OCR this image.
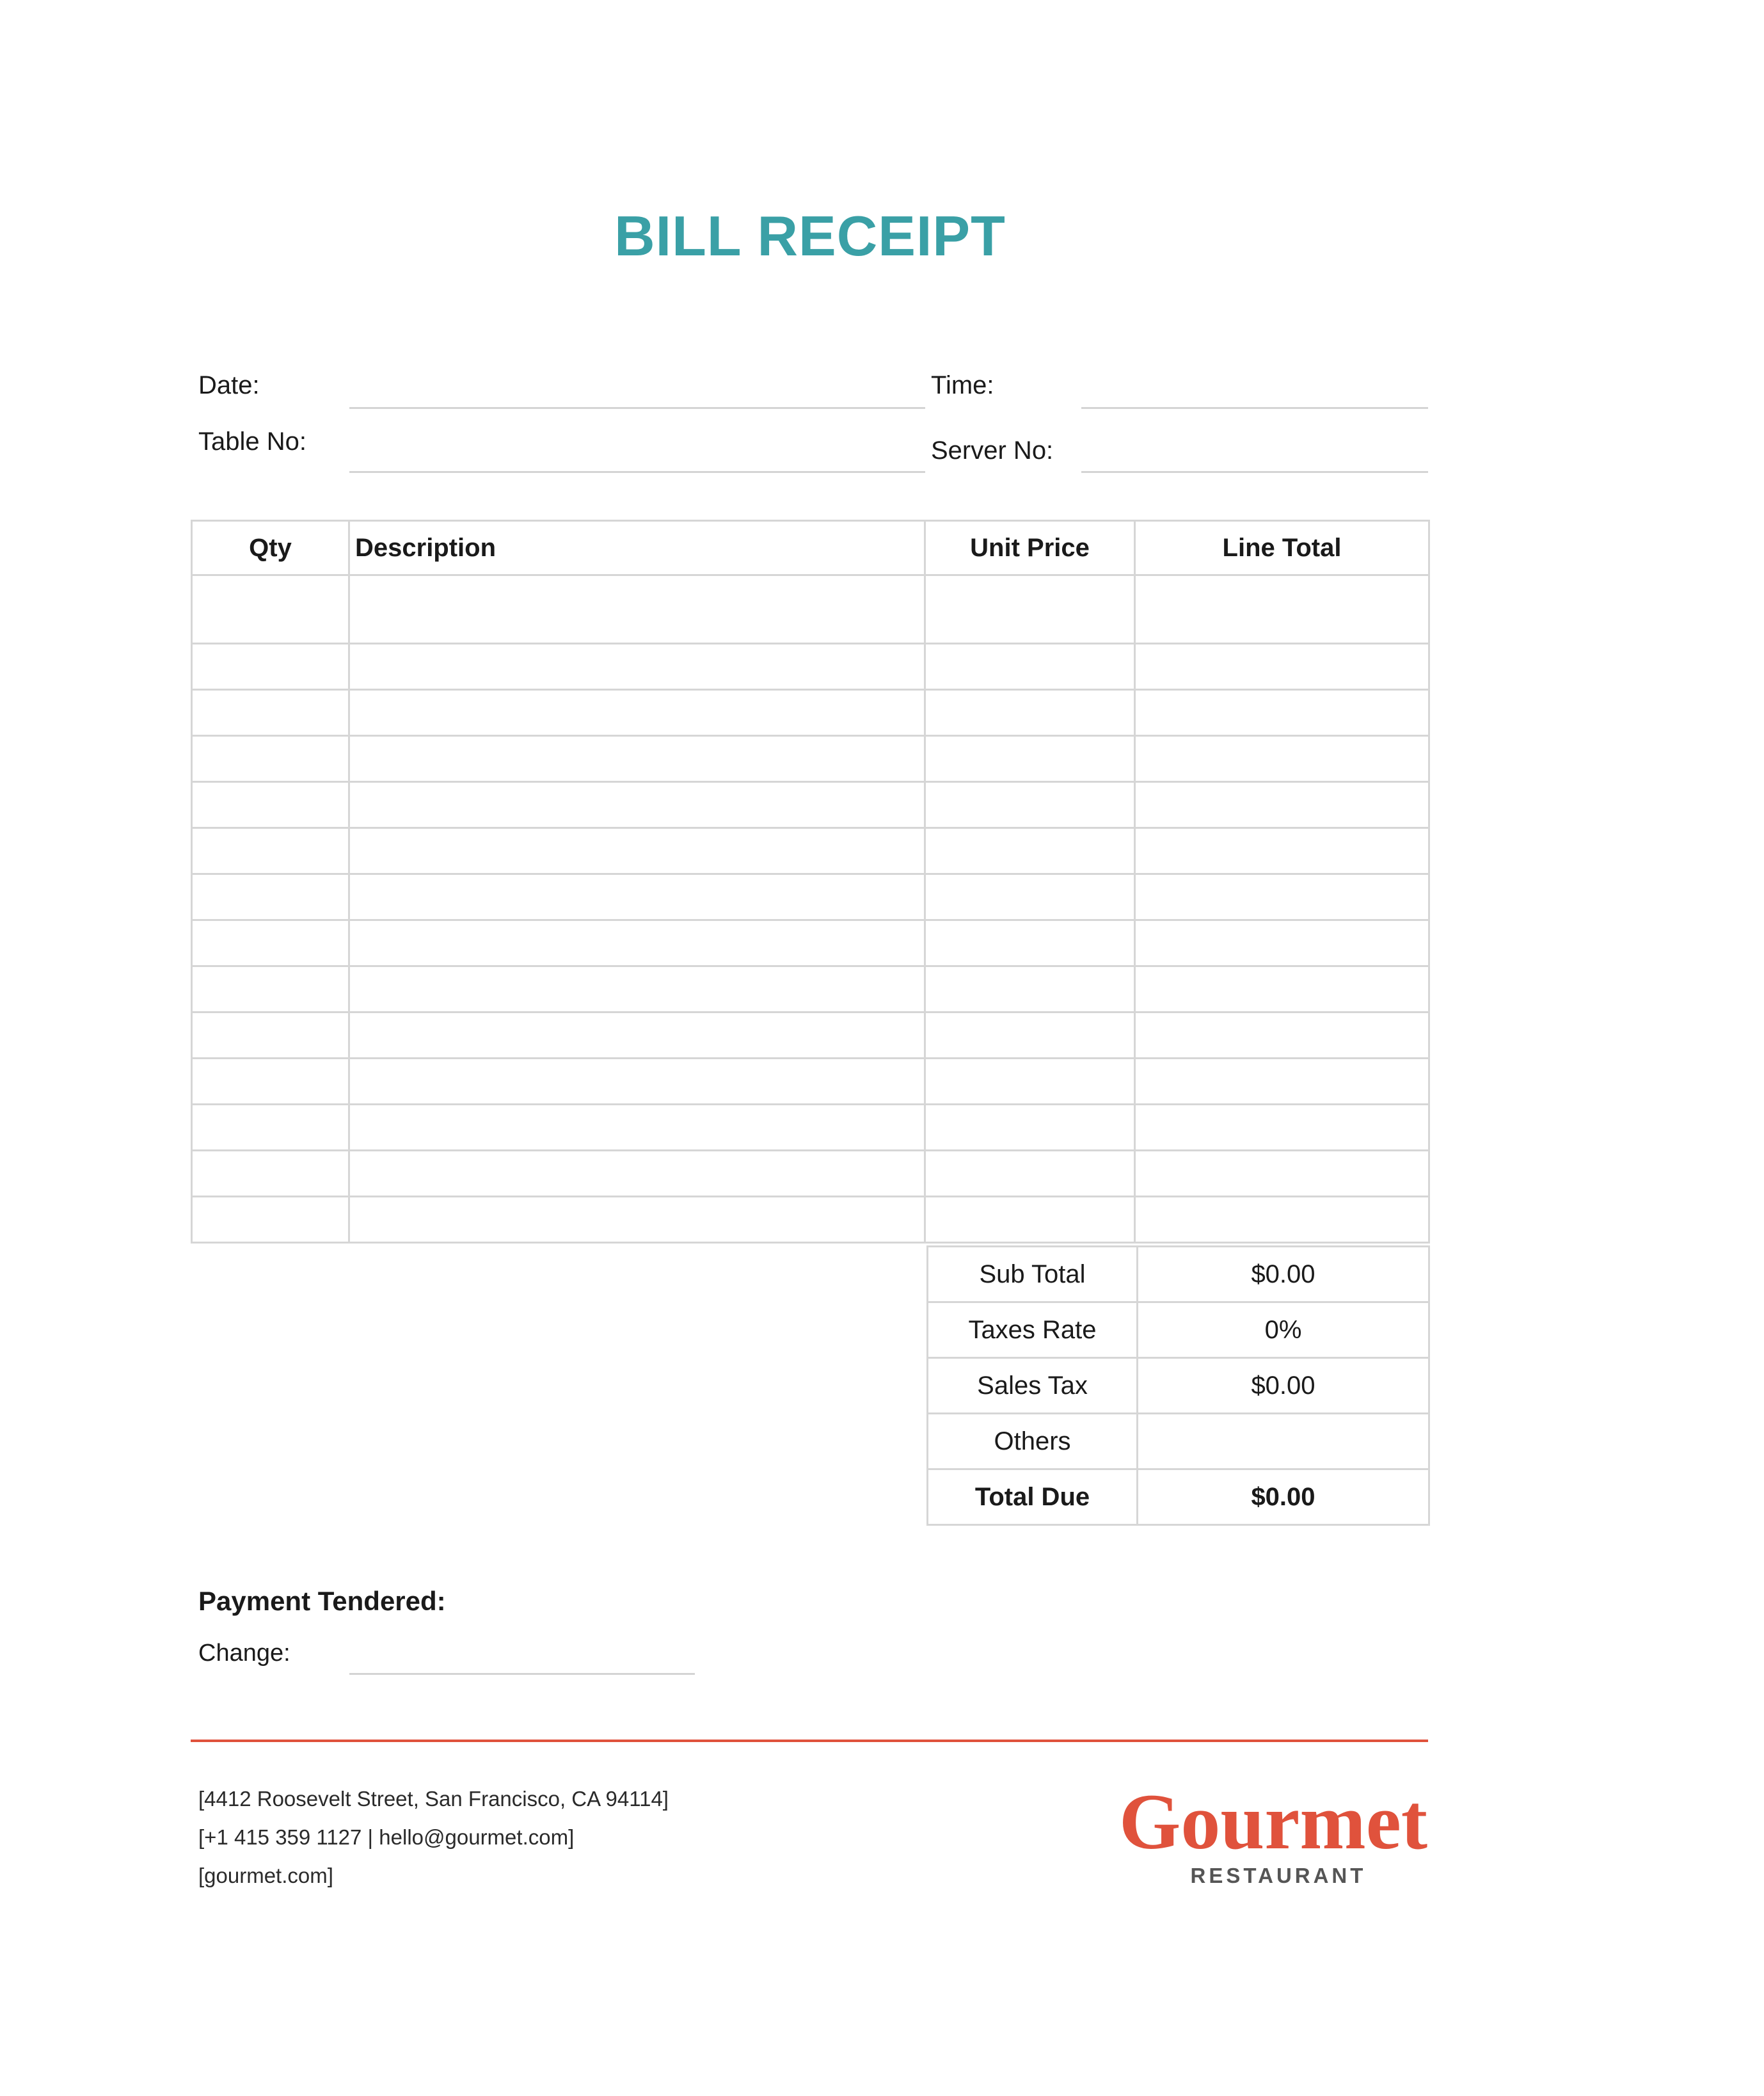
BILL RECEIPT
Date:	Time:
Table No:	Server No:
Qty	Description	Unit Price	Line Total

Sub Total	$0.00
Taxes Rate	0%
Sales Tax	$0.00
Others	
Total Due	$0.00
Payment Tendered:
Change:
[4412 Roosevelt Street, San Francisco, CA 94114]
[+1 415 359 1127 | hello@gourmet.com]
[gourmet.com]
Gourmet
RESTAURANT
